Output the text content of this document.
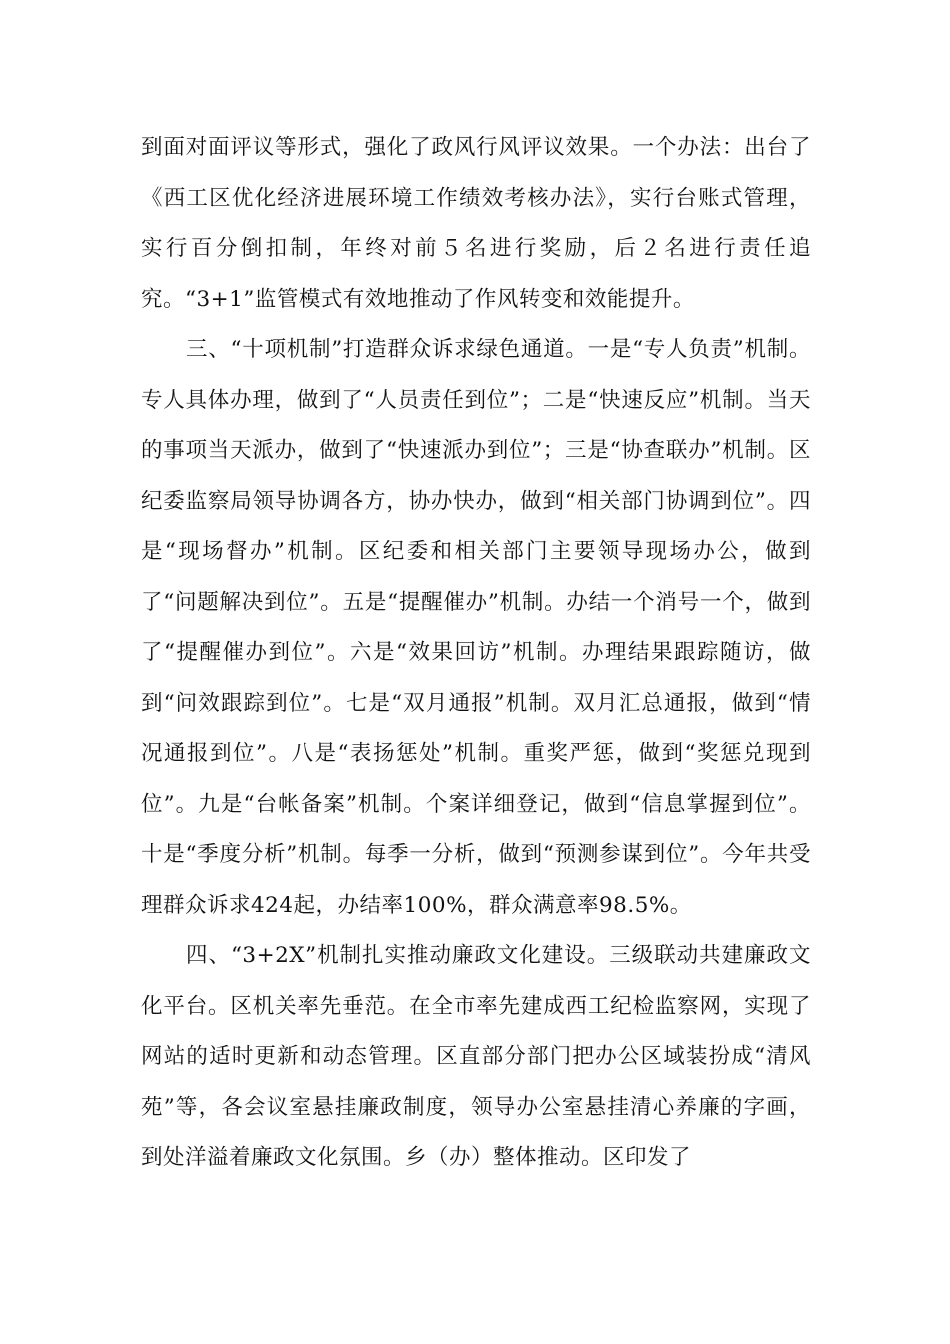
到面对面评议等形式，强化了政风行风评议效果。一个办法：出台了《西工区优化经济进展环境工作绩效考核办法》，实行台账式管理，实行百分倒扣制，年终对前５名进行奖励，后２名进行责任追究。“3+1”监管模式有效地推动了作风转变和效能提升。

三、“十项机制”打造群众诉求绿色通道。一是“专人负责”机制。专人具体办理，做到了“人员责任到位”；二是“快速反应”机制。当天的事项当天派办，做到了“快速派办到位”；三是“协查联办”机制。区纪委监察局领导协调各方，协办快办，做到“相关部门协调到位”。四是“现场督办”机制。区纪委和相关部门主要领导现场办公，做到了“问题解决到位”。五是“提醒催办”机制。办结一个消号一个，做到了“提醒催办到位”。六是“效果回访”机制。办理结果跟踪随访，做到“问效跟踪到位”。七是“双月通报”机制。双月汇总通报，做到“情况通报到位”。八是“表扬惩处”机制。重奖严惩，做到“奖惩兑现到位”。九是“台帐备案”机制。个案详细登记，做到“信息掌握到位”。十是“季度分析”机制。每季一分析，做到“预测参谋到位”。今年共受理群众诉求424起，办结率100%，群众满意率98.5%。

四、“3+2X”机制扎实推动廉政文化建设。三级联动共建廉政文化平台。区机关率先垂范。在全市率先建成西工纪检监察网，实现了网站的适时更新和动态管理。区直部分部门把办公区域装扮成“清风苑”等，各会议室悬挂廉政制度，领导办公室悬挂清心养廉的字画，到处洋溢着廉政文化氛围。乡（办）整体推动。区印发了
